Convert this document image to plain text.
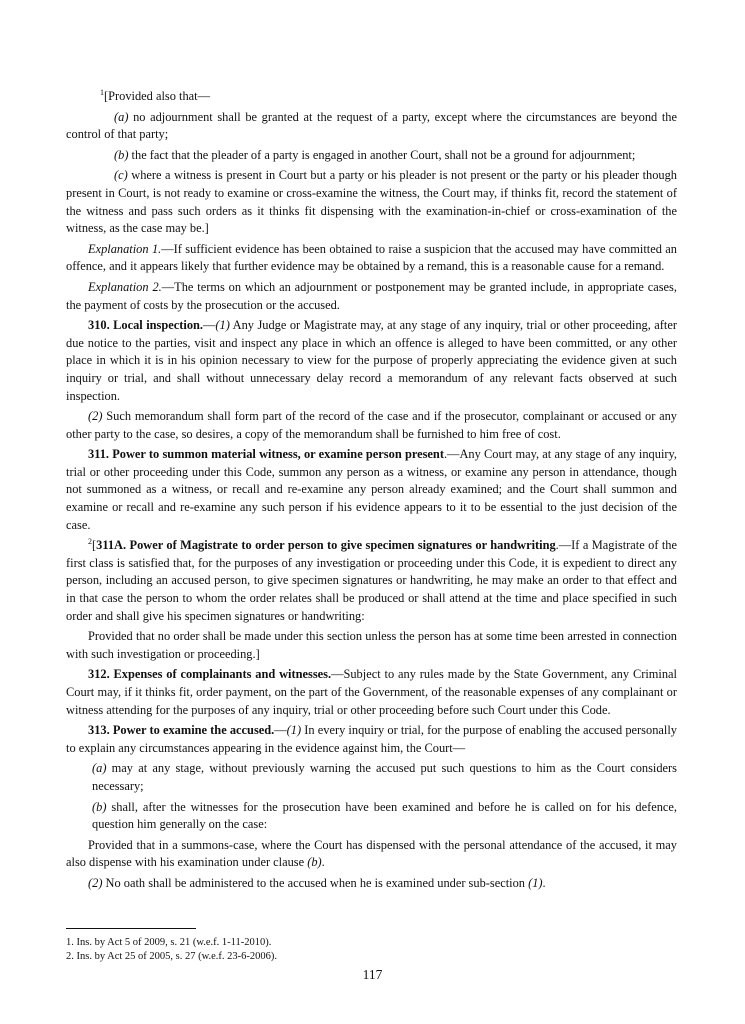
$^1$[Provided also that—

(a) no adjournment shall be granted at the request of a party, except where the circumstances are beyond the control of that party;

(b) the fact that the pleader of a party is engaged in another Court, shall not be a ground for adjournment;

(c) where a witness is present in Court but a party or his pleader is not present or the party or his pleader though present in Court, is not ready to examine or cross-examine the witness, the Court may, if thinks fit, record the statement of the witness and pass such orders as it thinks fit dispensing with the examination-in-chief or cross-examination of the witness, as the case may be.]

Explanation 1.—If sufficient evidence has been obtained to raise a suspicion that the accused may have committed an offence, and it appears likely that further evidence may be obtained by a remand, this is a reasonable cause for a remand.

Explanation 2.—The terms on which an adjournment or postponement may be granted include, in appropriate cases, the payment of costs by the prosecution or the accused.

310. Local inspection.—(1) Any Judge or Magistrate may, at any stage of any inquiry, trial or other proceeding, after due notice to the parties, visit and inspect any place in which an offence is alleged to have been committed, or any other place in which it is in his opinion necessary to view for the purpose of properly appreciating the evidence given at such inquiry or trial, and shall without unnecessary delay record a memorandum of any relevant facts observed at such inspection.

(2) Such memorandum shall form part of the record of the case and if the prosecutor, complainant or accused or any other party to the case, so desires, a copy of the memorandum shall be furnished to him free of cost.

311. Power to summon material witness, or examine person present.—Any Court may, at any stage of any inquiry, trial or other proceeding under this Code, summon any person as a witness, or examine any person in attendance, though not summoned as a witness, or recall and re-examine any person already examined; and the Court shall summon and examine or recall and re-examine any such person if his evidence appears to it to be essential to the just decision of the case.

$^2$[311A. Power of Magistrate to order person to give specimen signatures or handwriting.—If a Magistrate of the first class is satisfied that, for the purposes of any investigation or proceeding under this Code, it is expedient to direct any person, including an accused person, to give specimen signatures or handwriting, he may make an order to that effect and in that case the person to whom the order relates shall be produced or shall attend at the time and place specified in such order and shall give his specimen signatures or handwriting:

Provided that no order shall be made under this section unless the person has at some time been arrested in connection with such investigation or proceeding.]

312. Expenses of complainants and witnesses.—Subject to any rules made by the State Government, any Criminal Court may, if it thinks fit, order payment, on the part of the Government, of the reasonable expenses of any complainant or witness attending for the purposes of any inquiry, trial or other proceeding before such Court under this Code.

313. Power to examine the accused.—(1) In every inquiry or trial, for the purpose of enabling the accused personally to explain any circumstances appearing in the evidence against him, the Court—

(a) may at any stage, without previously warning the accused put such questions to him as the Court considers necessary;

(b) shall, after the witnesses for the prosecution have been examined and before he is called on for his defence, question him generally on the case:

Provided that in a summons-case, where the Court has dispensed with the personal attendance of the accused, it may also dispense with his examination under clause (b).

(2) No oath shall be administered to the accused when he is examined under sub-section (1).

1. Ins. by Act 5 of 2009, s. 21 (w.e.f. 1-11-2010).
2. Ins. by Act 25 of 2005, s. 27 (w.e.f. 23-6-2006).
117
